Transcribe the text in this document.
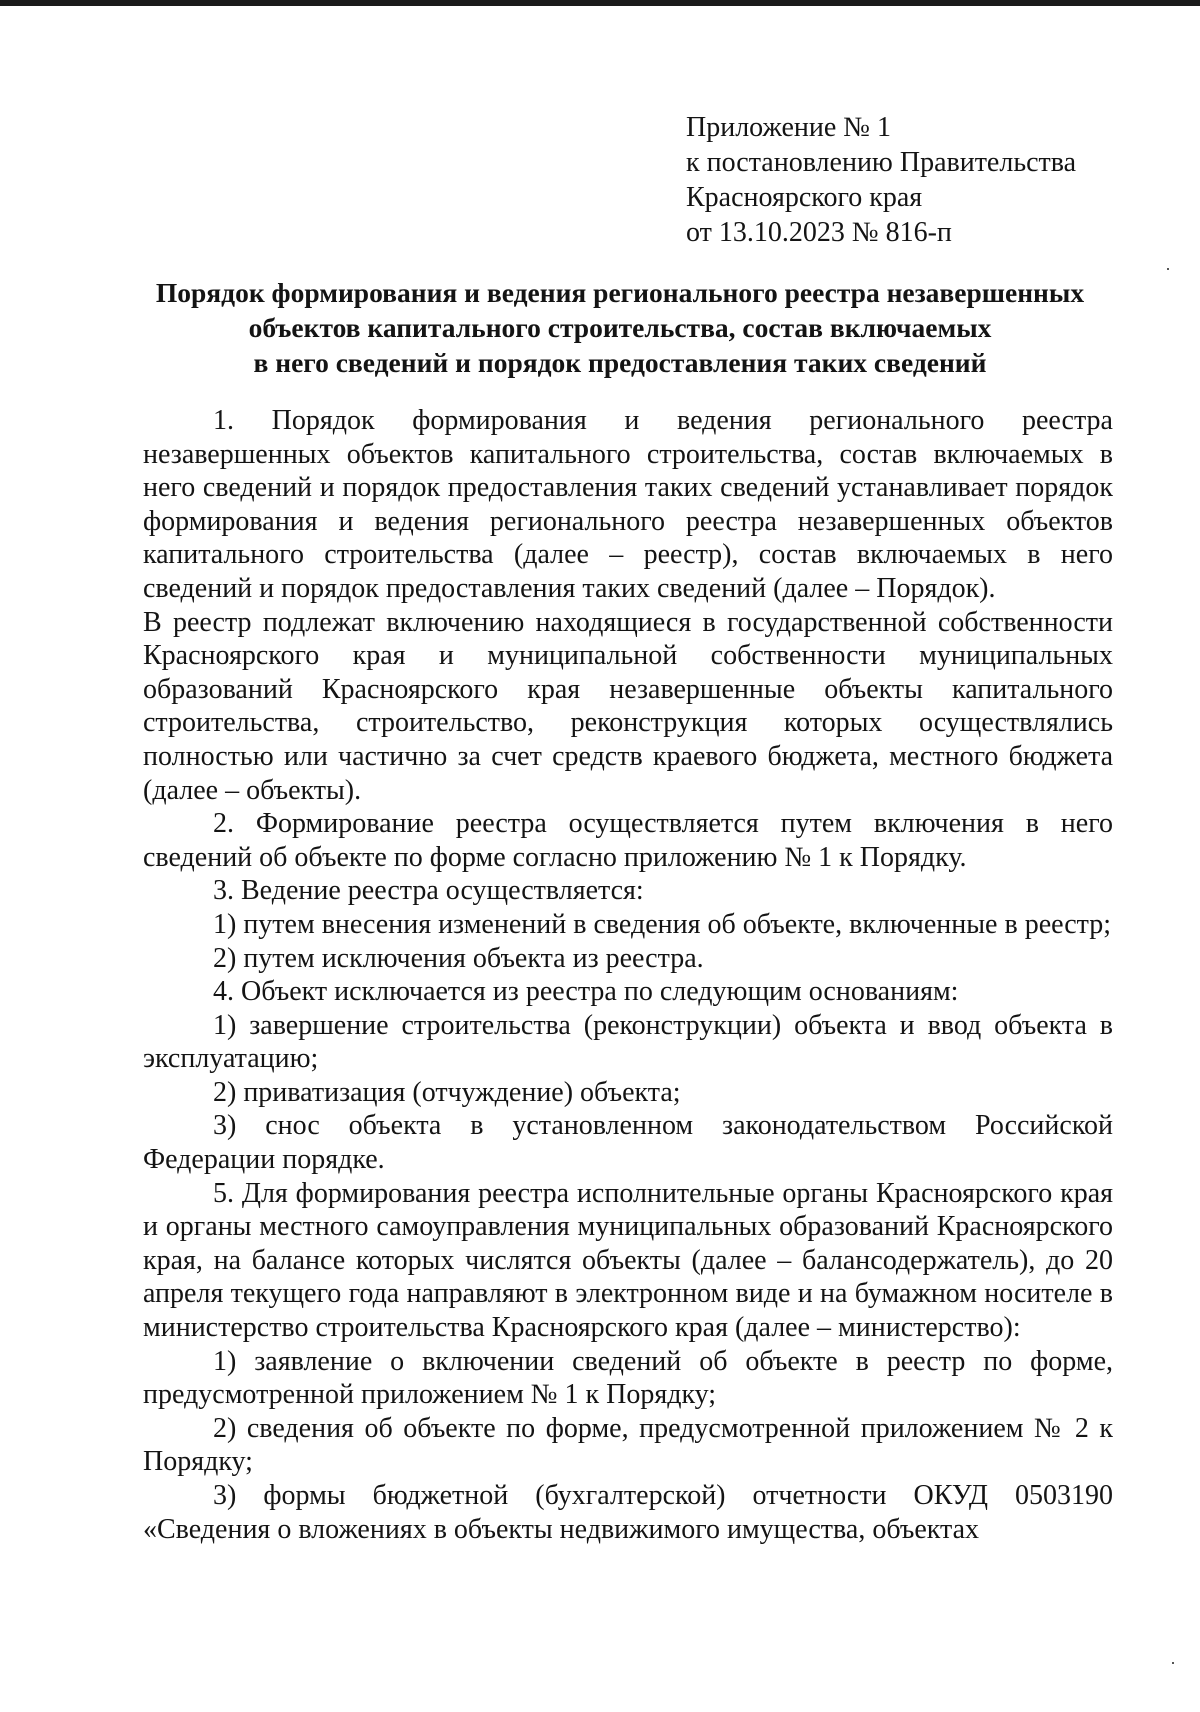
Приложение № 1
к постановлению Правительства
Красноярского края
от 13.10.2023 № 816-п
Порядок формирования и ведения регионального реестра незавершенных
объектов капитального строительства, состав включаемых
в него сведений и порядок предоставления таких сведений

1. Порядок формирования и ведения регионального реестра незавершенных объектов капитального строительства, состав включаемых в него сведений и порядок предоставления таких сведений устанавливает порядок формирования и ведения регионального реестра незавершенных объектов капитального строительства (далее – реестр), состав включаемых в него сведений и порядок предоставления таких сведений (далее – Порядок).

В реестр подлежат включению находящиеся в государственной собственности Красноярского края и муниципальной собственности муниципальных образований Красноярского края незавершенные объекты капитального строительства, строительство, реконструкция которых осуществлялись полностью или частично за счет средств краевого бюджета, местного бюджета (далее – объекты).

2. Формирование реестра осуществляется путем включения в него сведений об объекте по форме согласно приложению № 1 к Порядку.

3. Ведение реестра осуществляется:

1) путем внесения изменений в сведения об объекте, включенные в реестр;

2) путем исключения объекта из реестра.

4. Объект исключается из реестра по следующим основаниям:

1) завершение строительства (реконструкции) объекта и ввод объекта в эксплуатацию;

2) приватизация (отчуждение) объекта;

3) снос объекта в установленном законодательством Российской Федерации порядке.

5. Для формирования реестра исполнительные органы Красноярского края и органы местного самоуправления муниципальных образований Красноярского края, на балансе которых числятся объекты (далее – балансодержатель), до 20 апреля текущего года направляют в электронном виде и на бумажном носителе в министерство строительства Красноярского края (далее – министерство):

1) заявление о включении сведений об объекте в реестр по форме, предусмотренной приложением № 1 к Порядку;

2) сведения об объекте по форме, предусмотренной приложением № 2 к Порядку;

3) формы бюджетной (бухгалтерской) отчетности ОКУД 0503190 «Сведения о вложениях в объекты недвижимого имущества, объектах
